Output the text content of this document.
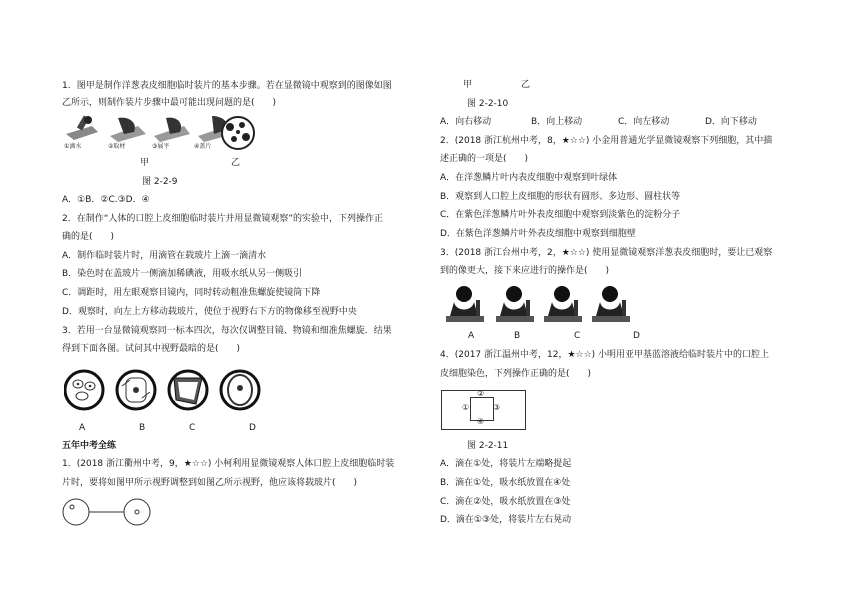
1．图甲是制作洋葱表皮细胞临时装片的基本步骤。若在显微镜中观察到的图像如图
乙所示，则制作装片步骤中最可能出现问题的是(　　)
①滴水	②取材	③展平	④盖片
甲	乙
图 2-2-9
A．①B．②C.③D．④
2．在制作“人体的口腔上皮细胞临时装片并用显微镜观察”的实验中，下列操作正
确的是(　　)
A．制作临时装片时，用滴管在载玻片上滴一滴清水
B．染色时在盖玻片一侧滴加稀碘液，用吸水纸从另一侧吸引
C．调距时，用左眼观察目镜内，同时转动粗准焦螺旋使镜筒下降
D．观察时，向左上方移动载玻片，使位于视野右下方的物像移至视野中央
3．若用一台显微镜观察同一标本四次，每次仅调整目镜、物镜和细准焦螺旋．结果
得到下面各图。试问其中视野最暗的是(　　)
A	B	C	D
五年中考全练
1．(2018 浙江衢州中考，9，★☆☆) 小柯利用显微镜观察人体口腔上皮细胞临时装
片时，要将如图甲所示视野调整到如图乙所示视野，他应该将载玻片(　　)
甲	乙
图 2-2-10
A．向右移动	B．向上移动	C．向左移动	D．向下移动
2．(2018 浙江杭州中考，8，★☆☆) 小金用普通光学显微镜观察下列细胞，其中描
述正确的一项是(　　)
A．在洋葱鳞片叶内表皮细胞中观察到叶绿体
B．观察到人口腔上皮细胞的形状有圆形、多边形、圆柱状等
C．在紫色洋葱鳞片叶外表皮细胞中观察到淡紫色的淀粉分子
D．在紫色洋葱鳞片叶外表皮细胞中观察到细胞壁
3．(2018 浙江台州中考，2，★☆☆) 使用显微镜观察洋葱表皮细胞时，要让已观察
到的像更大，接下来应进行的操作是(　　)
A	B	C	D
4．(2017 浙江温州中考，12，★☆☆) 小明用亚甲基蓝溶液给临时装片中的口腔上
皮细胞染色，下列操作正确的是(　　)
①
②
③
④
图 2-2-11
A．滴在①处，将装片左端略提起
B．滴在①处，吸水纸放置在④处
C．滴在②处，吸水纸放置在③处
D．滴在①③处，将装片左右晃动
